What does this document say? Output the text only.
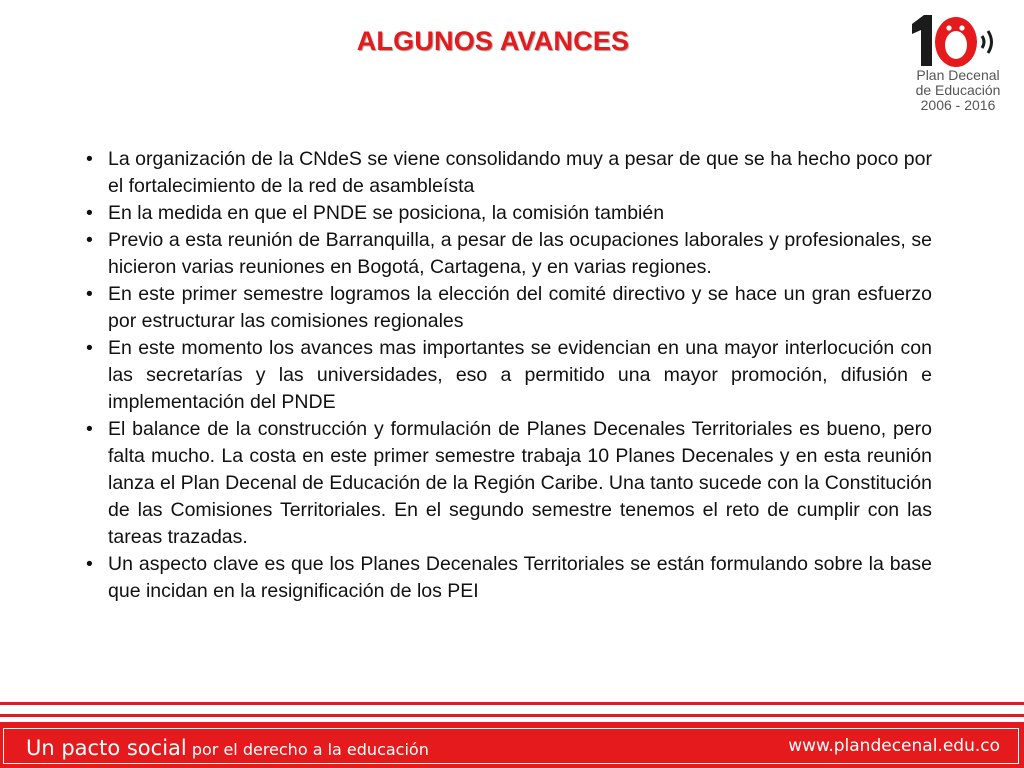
ALGUNOS AVANCES
Plan Decenal
de Educación
2006 - 2016
• La organización de la CNdeS se viene consolidando muy a pesar de que se ha hecho poco por el fortalecimiento de la red de asambleísta
• En la medida en que el PNDE se posiciona, la comisión también
• Previo a esta reunión de Barranquilla, a pesar de las ocupaciones laborales y profesionales, se hicieron varias reuniones en Bogotá, Cartagena, y en varias regiones.
• En este primer semestre logramos la elección del comité directivo y se hace un gran esfuerzo por estructurar las comisiones regionales
• En este momento los avances mas importantes se evidencian en una mayor interlocución con las secretarías y las universidades, eso a permitido una mayor promoción, difusión e implementación del PNDE
• El balance de la construcción y formulación de Planes Decenales Territoriales es bueno, pero falta mucho. La costa en este primer semestre trabaja 10 Planes Decenales y en esta reunión lanza el Plan Decenal de Educación de la Región Caribe. Una tanto sucede con la Constitución de las Comisiones Territoriales. En el segundo semestre tenemos el reto de cumplir con las tareas trazadas.
• Un aspecto clave es que los Planes Decenales Territoriales se están formulando sobre la base que incidan en la resignificación de los PEI
Un pacto social por el derecho a la educación	www.plandecenal.edu.co
